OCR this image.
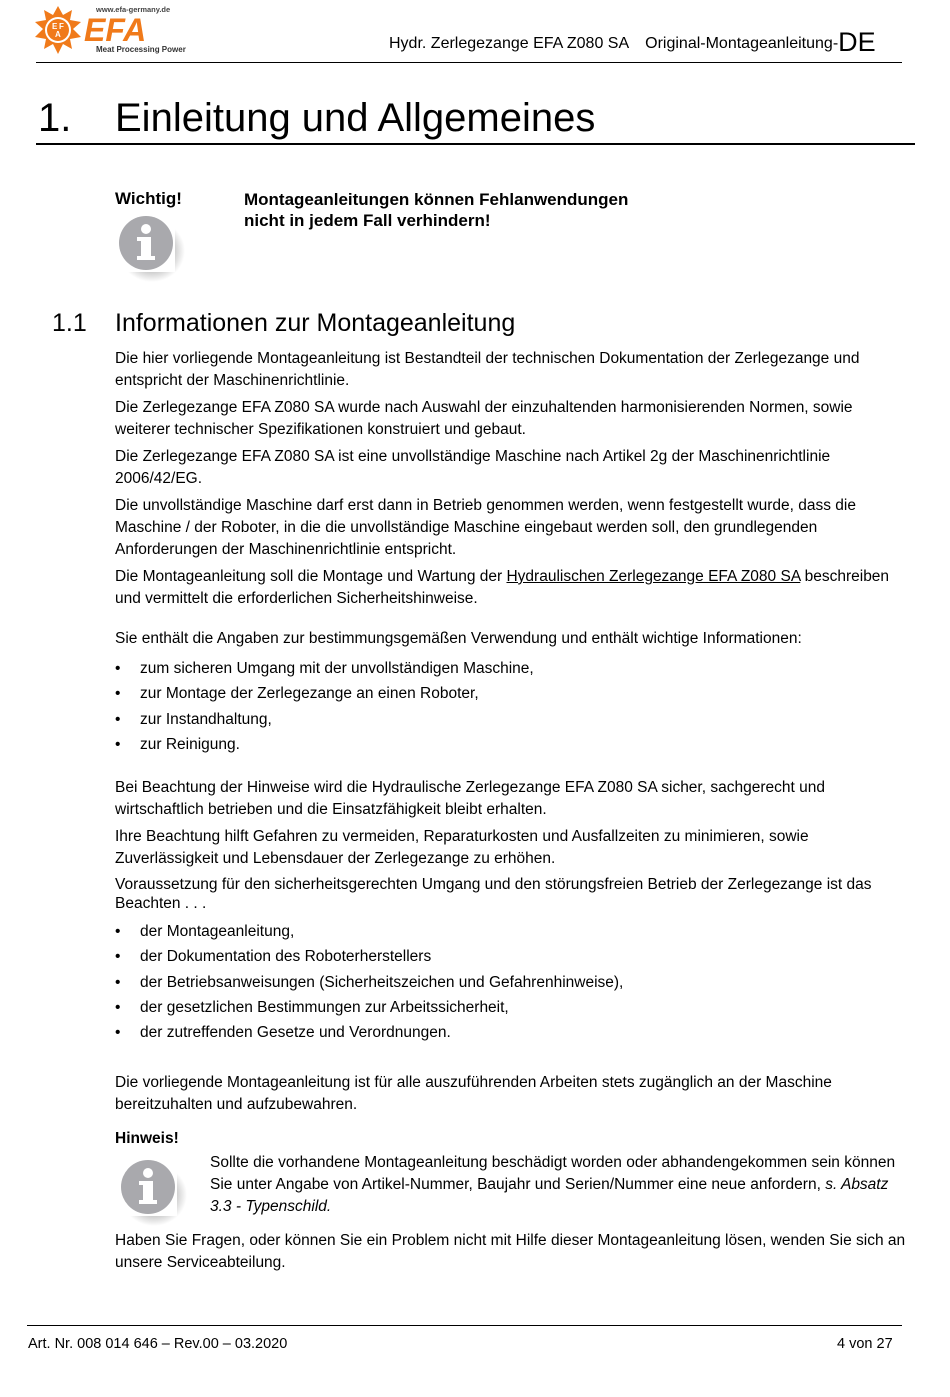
E F
A
www.efa-germany.de
EFA
Meat Processing Power	Hydr. Zerlegezange EFA Z080 SA Original-Montageanleitung-DE
1. Einleitung und Allgemeines
Wichtig!	Montageanleitungen können Fehlanwendungen
nicht in jedem Fall verhindern!
1.1 Informationen zur Montageanleitung

Die hier vorliegende Montageanleitung ist Bestandteil der technischen Dokumentation der Zerlegezange und entspricht der Maschinenrichtlinie.

Die Zerlegezange EFA Z080 SA wurde nach Auswahl der einzuhaltenden harmonisierenden Normen, sowie weiterer technischer Spezifikationen konstruiert und gebaut.

Die Zerlegezange EFA Z080 SA ist eine unvollständige Maschine nach Artikel 2g der Maschinenrichtlinie 2006/42/EG.

Die unvollständige Maschine darf erst dann in Betrieb genommen werden, wenn festgestellt wurde, dass die Maschine / der Roboter, in die die unvollständige Maschine eingebaut werden soll, den grundlegenden Anforderungen der Maschinenrichtlinie entspricht.

Die Montageanleitung soll die Montage und Wartung der Hydraulischen Zerlegezange EFA Z080 SA beschreiben und vermittelt die erforderlichen Sicherheitshinweise.

Sie enthält die Angaben zur bestimmungsgemäßen Verwendung und enthält wichtige Informationen:

• zum sicheren Umgang mit der unvollständigen Maschine,
• zur Montage der Zerlegezange an einen Roboter,
• zur Instandhaltung,
• zur Reinigung.

Bei Beachtung der Hinweise wird die Hydraulische Zerlegezange EFA Z080 SA sicher, sachgerecht und wirtschaftlich betrieben und die Einsatzfähigkeit bleibt erhalten.

Ihre Beachtung hilft Gefahren zu vermeiden, Reparaturkosten und Ausfallzeiten zu minimieren, sowie Zuverlässigkeit und Lebensdauer der Zerlegezange zu erhöhen.

Voraussetzung für den sicherheitsgerechten Umgang und den störungsfreien Betrieb der Zerlegezange ist das Beachten . . .

• der Montageanleitung,
• der Dokumentation des Roboterherstellers
• der Betriebsanweisungen (Sicherheitszeichen und Gefahrenhinweise),
• der gesetzlichen Bestimmungen zur Arbeitssicherheit,
• der zutreffenden Gesetze und Verordnungen.

Die vorliegende Montageanleitung ist für alle auszuführenden Arbeiten stets zugänglich an der Maschine bereitzuhalten und aufzubewahren.

Hinweis!

Sollte die vorhandene Montageanleitung beschädigt worden oder abhandengekommen sein können Sie unter Angabe von Artikel-Nummer, Baujahr und Serien/Nummer eine neue anfordern, s. Absatz 3.3 - Typenschild.

Haben Sie Fragen, oder können Sie ein Problem nicht mit Hilfe dieser Montageanleitung lösen, wenden Sie sich an unsere Serviceabteilung.

Art. Nr. 008 014 646 – Rev.00 – 03.2020	4 von 27
